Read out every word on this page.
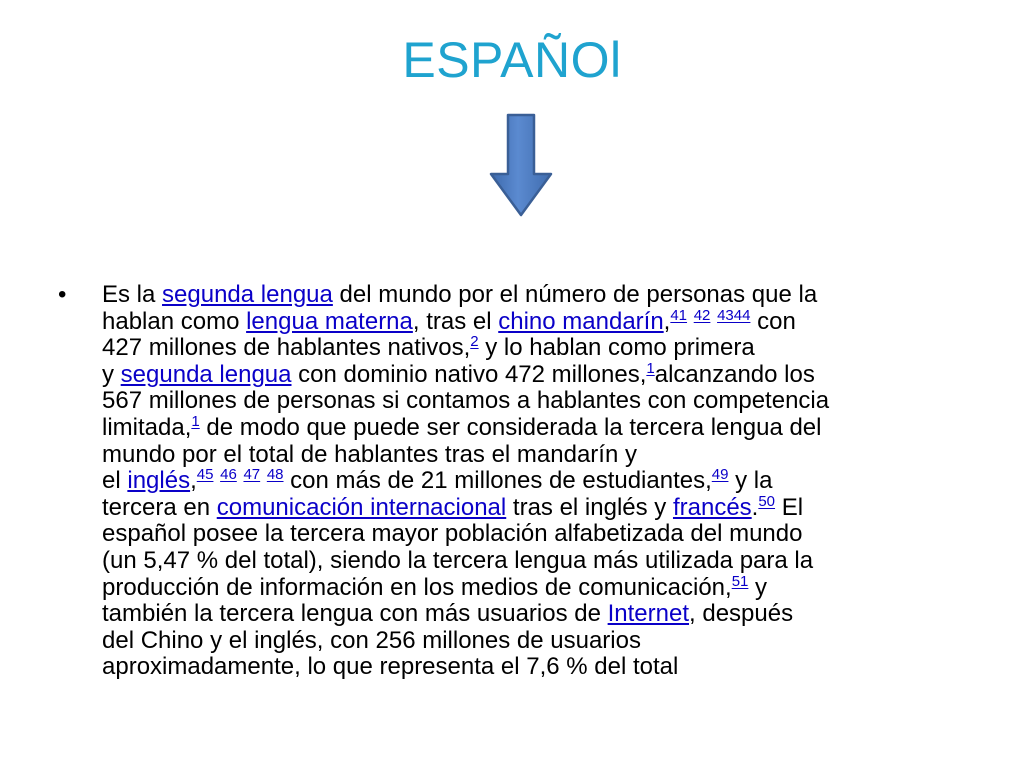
ESPAÑOl
•	Es la segunda lengua del mundo por el número de personas que la
hablan como lengua materna, tras el chino mandarín,$^{41}$ $^{42}$ $^{4344}$ con
427 millones de hablantes nativos,$^2$ y lo hablan como primera
y segunda lengua con dominio nativo 472 millones,$^1$alcanzando los
567 millones de personas si contamos a hablantes con competencia
limitada,$^1$ de modo que puede ser considerada la tercera lengua del
mundo por el total de hablantes tras el mandarín y
el inglés,$^{45}$ $^{46}$ $^{47}$ $^{48}$ con más de 21 millones de estudiantes,$^{49}$ y la
tercera en comunicación internacional tras el inglés y francés.$^{50}$ El
español posee la tercera mayor población alfabetizada del mundo
(un 5,47 % del total), siendo la tercera lengua más utilizada para la
producción de información en los medios de comunicación,$^{51}$ y
también la tercera lengua con más usuarios de Internet, después
del Chino y el inglés, con 256 millones de usuarios
aproximadamente, lo que representa el 7,6 % del total
